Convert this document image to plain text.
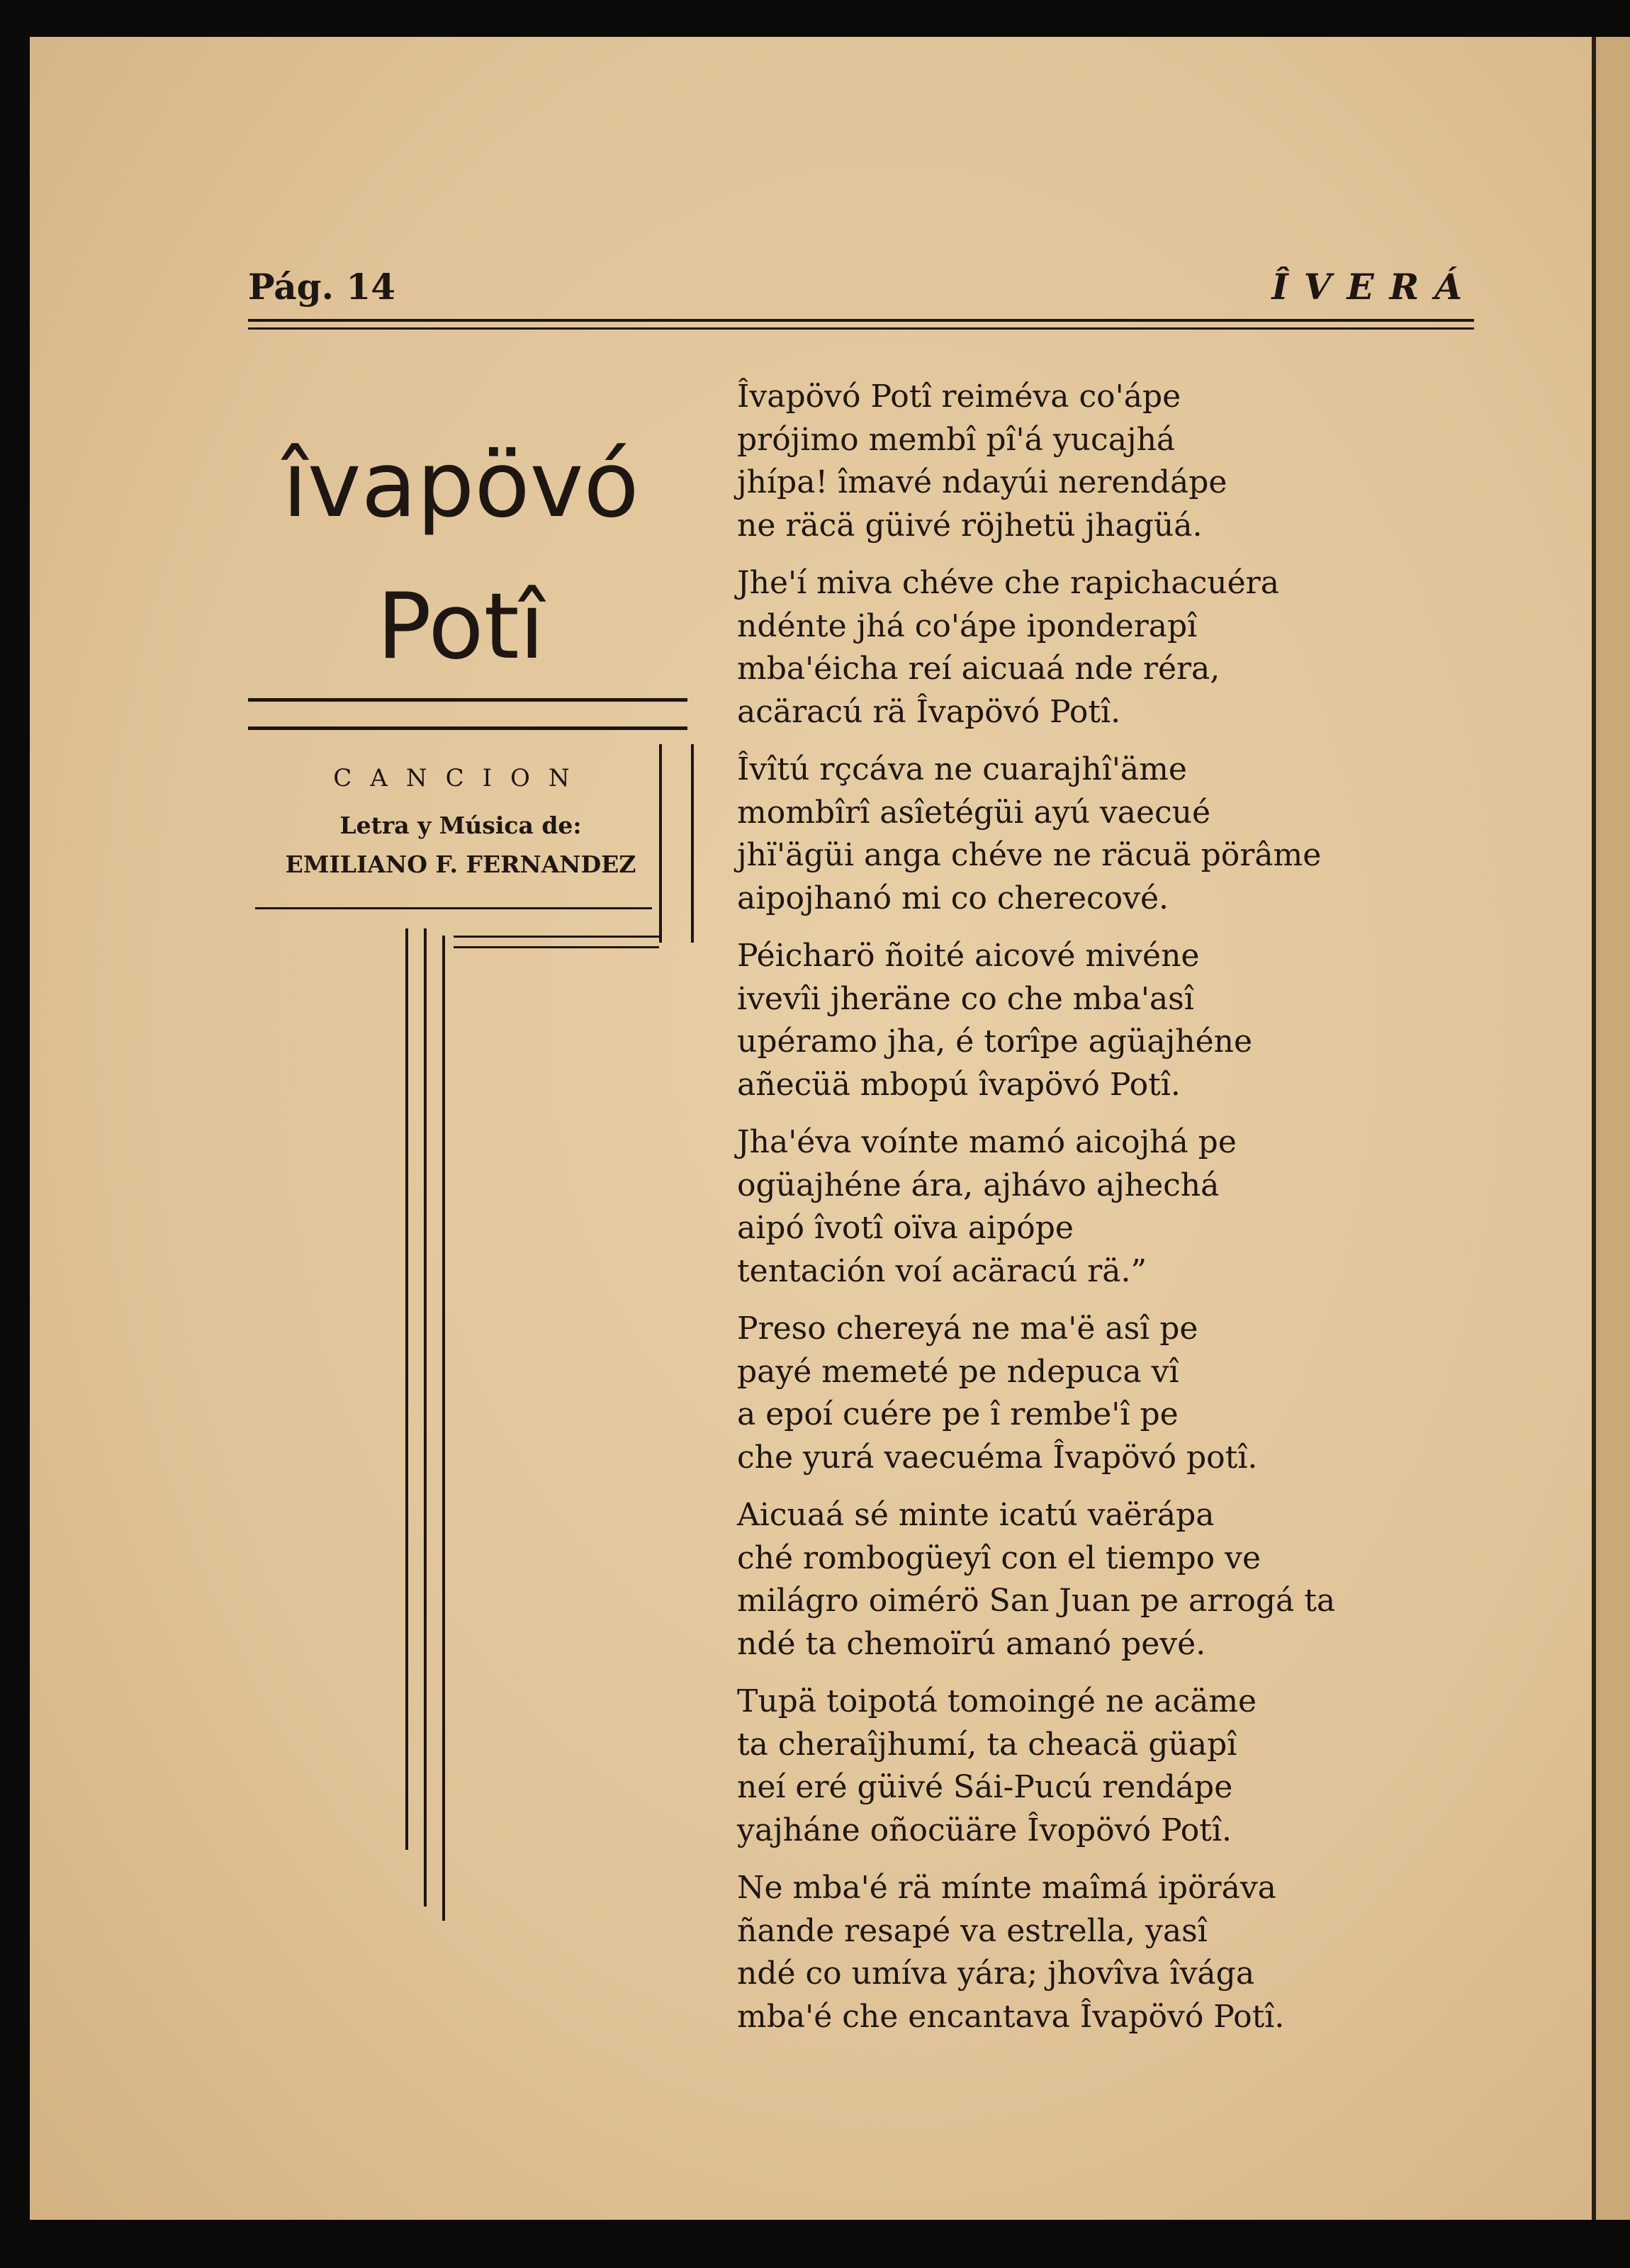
Pág. 14	ÎVERÁ
îvapövó
Potî
CANCION
Letra y Música de:
EMILIANO F. FERNANDEZ
Îvapövó Potî reiméva co'ápe
prójimo membî pî'á yucajhá
jhípa! îmavé ndayúi nerendápe
ne räcä güivé röjhetü jhagüá.
Jhe'í miva chéve che rapichacuéra
ndénte jhá co'ápe iponderapî
mba'éicha reí aicuaá nde réra,
acäracú rä Îvapövó Potî.
Îvîtú rçcáva ne cuarajhî'äme
mombîrî asîetégüi ayú vaecué
jhï'ägüi anga chéve ne räcuä pörâme
aipojhanó mi co cherecové.
Péicharö ñoité aicové mivéne
ivevîi jheräne co che mba'asî
upéramo jha, é torîpe agüajhéne
añecüä mbopú îvapövó Potî.
Jha'éva voínte mamó aicojhá pe
ogüajhéne ára, ajhávo ajhechá
aipó îvotî oïva aipópe
tentación voí acäracú rä.”
Preso chereyá ne ma'ë asî pe
payé memeté pe ndepuca vî
a epoí cuére pe î rembe'î pe
che yurá vaecuéma Îvapövó potî.
Aicuaá sé minte icatú vaërápa
ché rombogüeyî con el tiempo ve
milágro oimérö San Juan pe arrogá ta
ndé ta chemoïrú amanó pevé.
Tupä toipotá tomoingé ne acäme
ta cheraîjhumí, ta cheacä güapî
neí eré güivé Sái-Pucú rendápe
yajháne oñocüäre Îvopövó Potî.
Ne mba'é rä mínte maîmá ipöráva
ñande resapé va estrella, yasî
ndé co umíva yára; jhovîva îvága
mba'é che encantava Îvapövó Potî.
